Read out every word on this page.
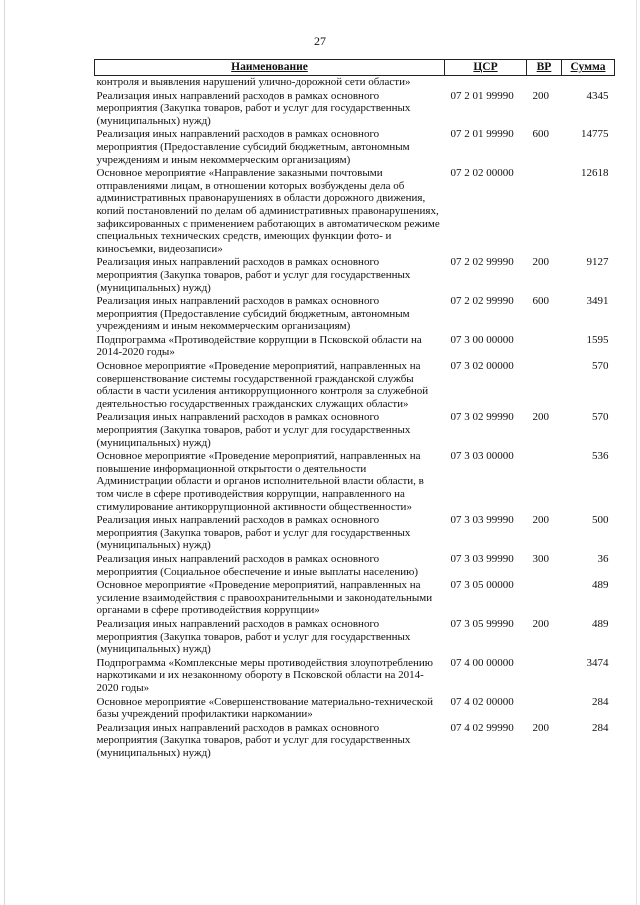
27
Наименование	ЦСР	ВР	Сумма
контроля и выявления нарушений улично-дорожной сети области»			
Реализация иных направлений расходов в рамках основного мероприятия (Закупка товаров, работ и услуг для государственных (муниципальных) нужд)	07 2 01 99990	200	4345
Реализация иных направлений расходов в рамках основного мероприятия (Предоставление субсидий бюджетным, автономным учреждениям и иным некоммерческим организациям)	07 2 01 99990	600	14775
Основное мероприятие «Направление заказными почтовыми отправлениями лицам, в отношении которых возбуждены дела об административных правонарушениях в области дорожного движения, копий постановлений по делам об административных правонарушениях, зафиксированных с применением работающих в автоматическом режиме специальных технических средств, имеющих функции фото- и киносъемки, видеозаписи»	07 2 02 00000		12618
Реализация иных направлений расходов в рамках основного мероприятия (Закупка товаров, работ и услуг для государственных (муниципальных) нужд)	07 2 02 99990	200	9127
Реализация иных направлений расходов в рамках основного мероприятия (Предоставление субсидий бюджетным, автономным учреждениям и иным некоммерческим организациям)	07 2 02 99990	600	3491
Подпрограмма «Противодействие коррупции в Псковской области на 2014-2020 годы»	07 3 00 00000		1595
Основное мероприятие «Проведение мероприятий, направленных на совершенствование системы государственной гражданской службы области в части усиления антикоррупционного контроля за служебной деятельностью государственных гражданских служащих области»	07 3 02 00000		570
Реализация иных направлений расходов в рамках основного мероприятия (Закупка товаров, работ и услуг для государственных (муниципальных) нужд)	07 3 02 99990	200	570
Основное мероприятие «Проведение мероприятий, направленных на повышение информационной открытости о деятельности Администрации области и органов исполнительной власти области, в том числе в сфере противодействия коррупции, направленного на стимулирование антикоррупционной активности общественности»	07 3 03 00000		536
Реализация иных направлений расходов в рамках основного мероприятия (Закупка товаров, работ и услуг для государственных (муниципальных) нужд)	07 3 03 99990	200	500
Реализация иных направлений расходов в рамках основного мероприятия (Социальное обеспечение и иные выплаты населению)	07 3 03 99990	300	36
Основное мероприятие «Проведение мероприятий, направленных на усиление взаимодействия с правоохранительными и законодательными органами в сфере противодействия коррупции»	07 3 05 00000		489
Реализация иных направлений расходов в рамках основного мероприятия (Закупка товаров, работ и услуг для государственных (муниципальных) нужд)	07 3 05 99990	200	489
Подпрограмма «Комплексные меры противодействия злоупотреблению наркотиками и их незаконному обороту в Псковской области на 2014-2020 годы»	07 4 00 00000		3474
Основное мероприятие «Совершенствование материально-технической базы учреждений профилактики наркомании»	07 4 02 00000		284
Реализация иных направлений расходов в рамках основного мероприятия (Закупка товаров, работ и услуг для государственных (муниципальных) нужд)	07 4 02 99990	200	284
